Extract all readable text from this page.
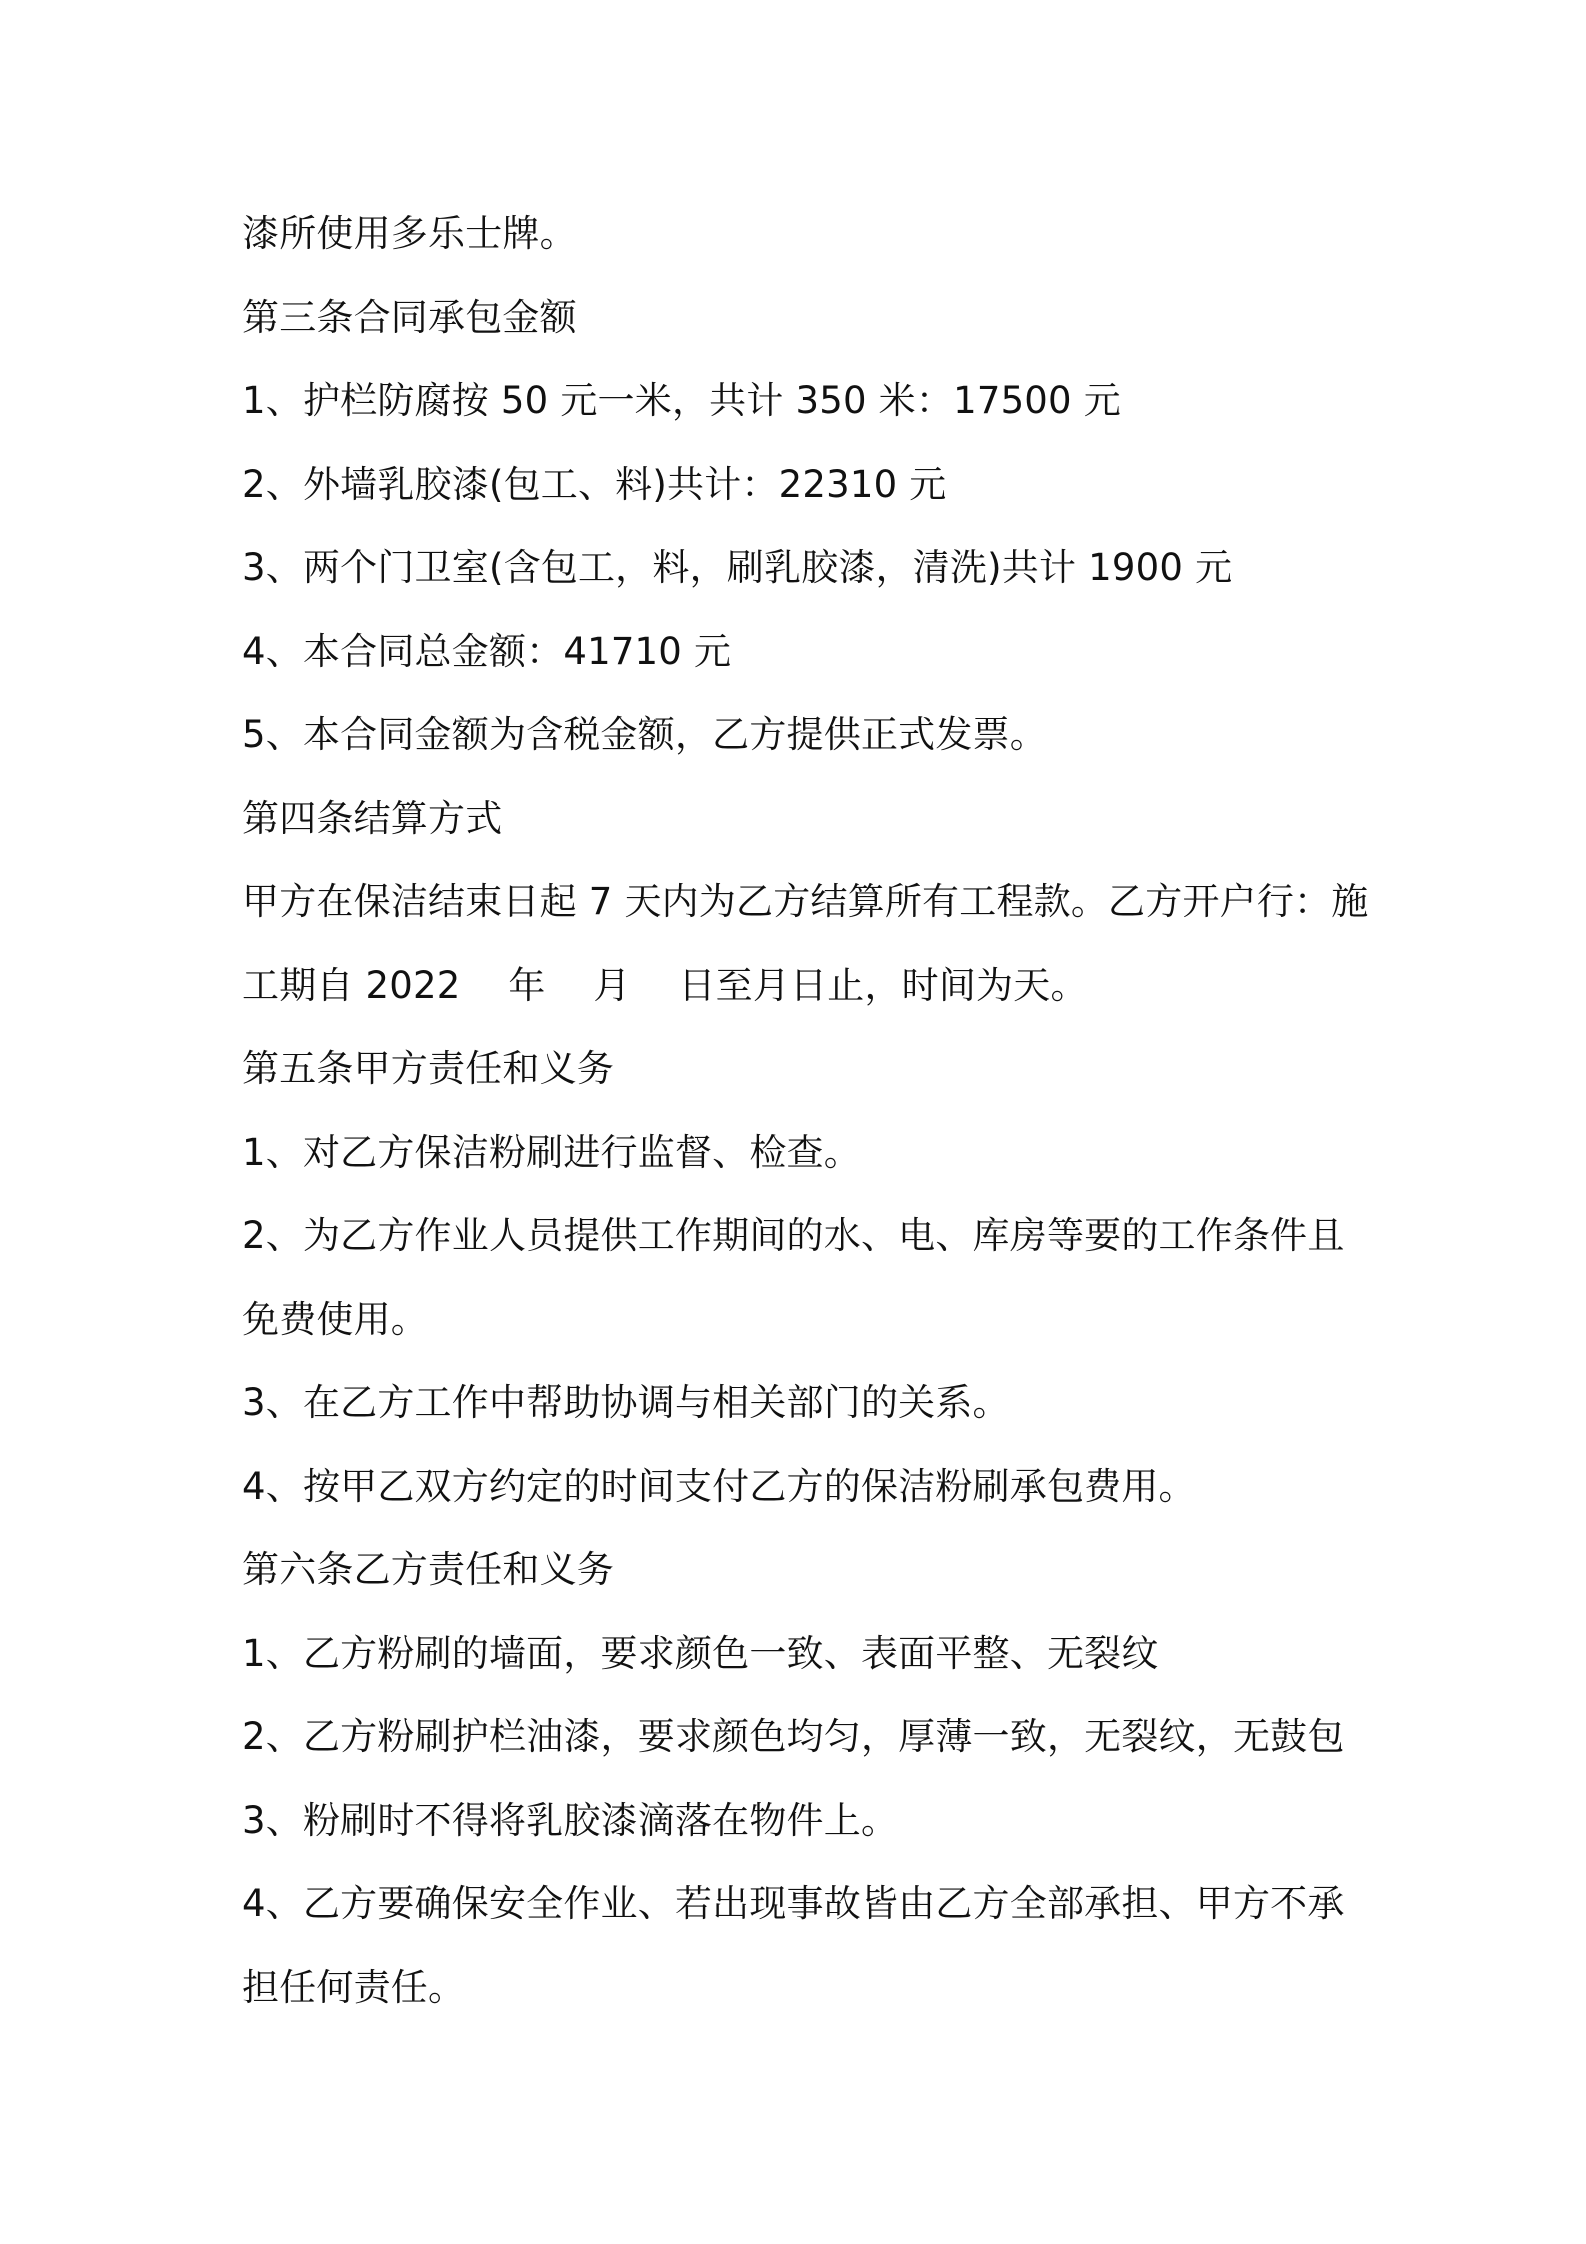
漆所使用多乐士牌。
第三条合同承包金额
1、护栏防腐按 50 元一米，共计 350 米：17500 元
2、外墙乳胶漆(包工、料)共计：22310 元
3、两个门卫室(含包工，料，刷乳胶漆，清洗)共计 1900 元
4、本合同总金额：41710 元
5、本合同金额为含税金额，乙方提供正式发票。
第四条结算方式
甲方在保洁结束日起 7 天内为乙方结算所有工程款。乙方开户行：施
工期自 2022    年    月    日至月日止，时间为天。
第五条甲方责任和义务
1、对乙方保洁粉刷进行监督、检查。
2、为乙方作业人员提供工作期间的水、电、库房等要的工作条件且
免费使用。
3、在乙方工作中帮助协调与相关部门的关系。
4、按甲乙双方约定的时间支付乙方的保洁粉刷承包费用。
第六条乙方责任和义务
1、乙方粉刷的墙面，要求颜色一致、表面平整、无裂纹
2、乙方粉刷护栏油漆，要求颜色均匀，厚薄一致，无裂纹，无鼓包
3、粉刷时不得将乳胶漆滴落在物件上。
4、乙方要确保安全作业、若出现事故皆由乙方全部承担、甲方不承
担任何责任。
